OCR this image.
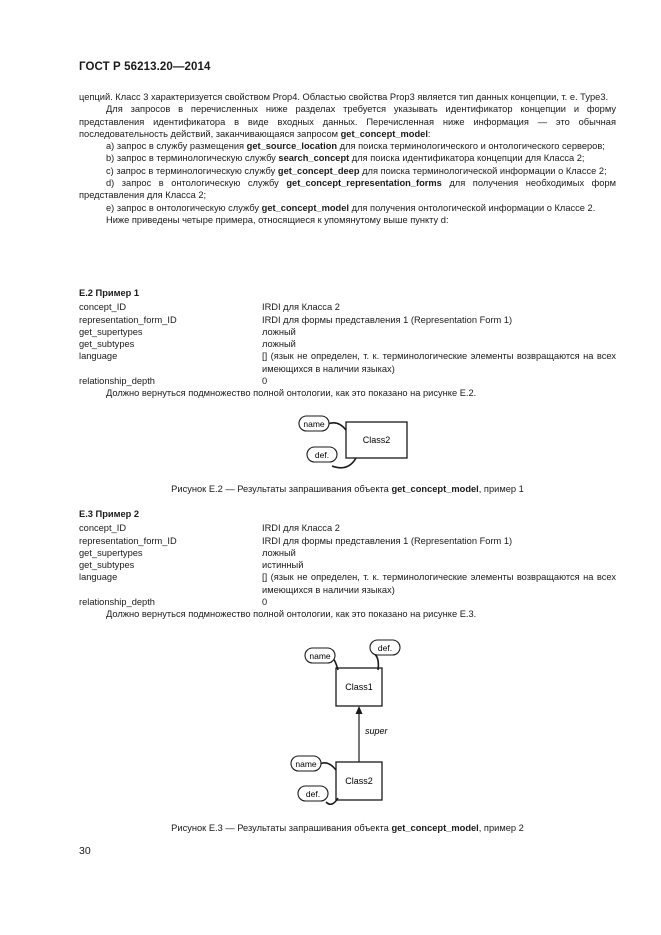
ГОСТ Р 56213.20—2014

цепций. Класс 3 характеризуется свойством Prop4. Областью свойства Prop3 является тип данных концепции, т. е. Type3.

Для запросов в перечисленных ниже разделах требуется указывать идентификатор концепции и форму представления идентификатора в виде входных данных. Перечисленная ниже информация — это обычная последовательность действий, заканчивающаяся запросом get_concept_model:

а) запрос в службу размещения get_source_location для поиска терминологического и онтологического серверов;

b) запрос в терминологическую службу search_concept для поиска идентификатора концепции для Класса 2;

c) запрос в терминологическую службу get_concept_deep для поиска терминологической информации о Классе 2;

d) запрос в онтологическую службу get_concept_representation_forms для получения необходимых форм представления для Класса 2;

e) запрос в онтологическую службу get_concept_model для получения онтологической информации о Классе 2.

Ниже приведены четыре примера, относящиеся к упомянутому выше пункту d:

Е.2 Пример 1

concept_ID	IRDI для Класса 2
representation_form_ID	IRDI для формы представления 1 (Representation Form 1)
get_supertypes	ложный
get_subtypes	ложный
language	[] (язык не определен, т. к. терминологические элементы возвращаются на всех имеющихся в наличии языках)
relationship_depth	0

Должно вернуться подмножество полной онтологии, как это показано на рисунке Е.2.

Class2
name
def.
Рисунок Е.2 — Результаты запрашивания объекта get_concept_model, пример 1

Е.3 Пример 2

concept_ID	IRDI для Класса 2
representation_form_ID	IRDI для формы представления 1 (Representation Form 1)
get_supertypes	ложный
get_subtypes	истинный
language	[] (язык не определен, т. к. терминологические элементы возвращаются на всех имеющихся в наличии языках)
relationship_depth	0

Должно вернуться подмножество полной онтологии, как это показано на рисунке Е.3.

Class1
name
def.
super
Class2
name
def.
Рисунок Е.3 — Результаты запрашивания объекта get_concept_model, пример 2
30
